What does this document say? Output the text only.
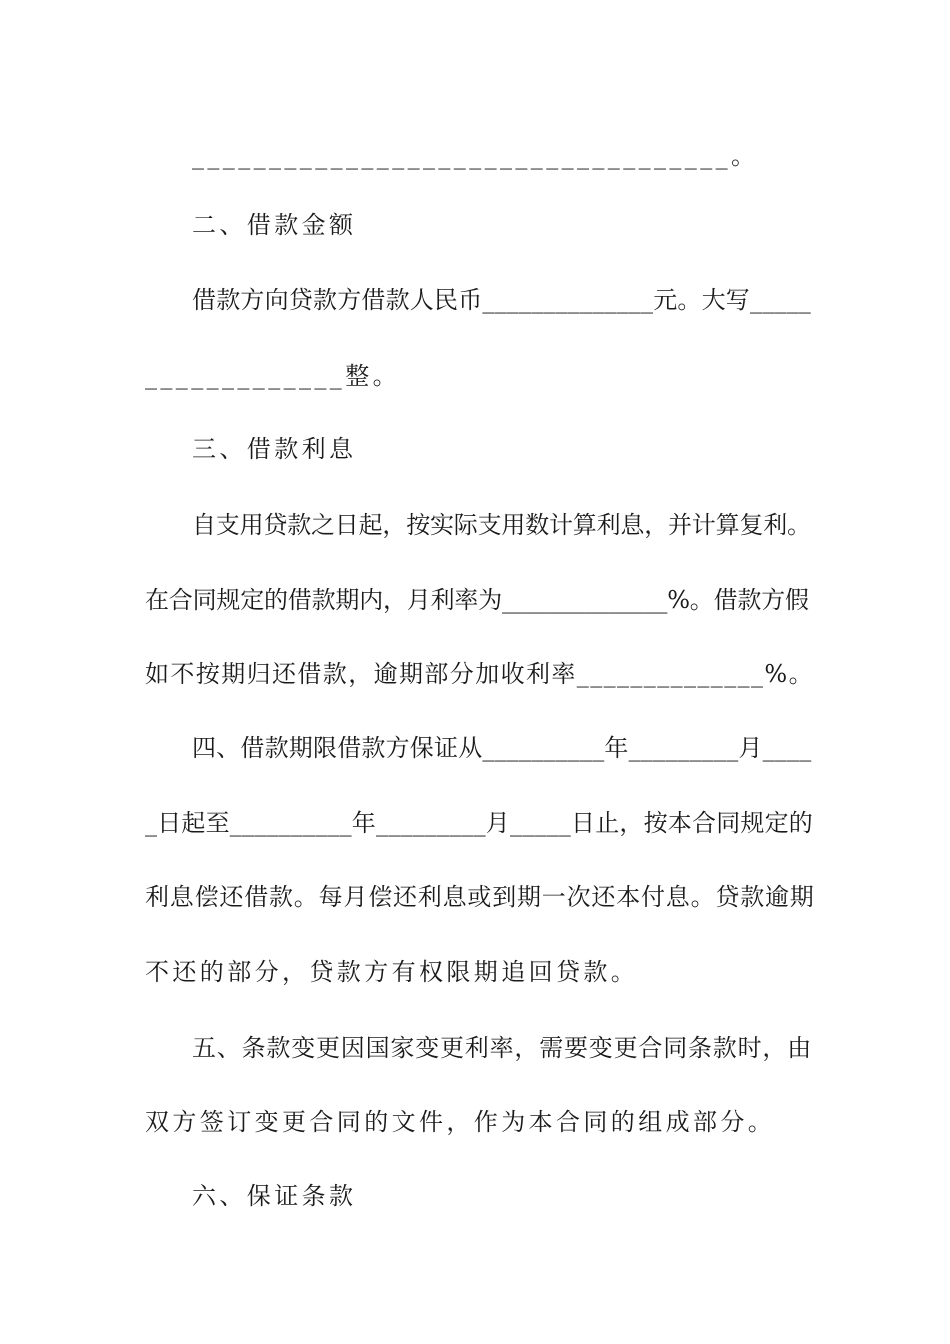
___________________________________。
二、借款金额
借款方向贷款方借款人民币______________元。大写_____
_____________整。
三、借款利息
自支用贷款之日起，按实际支用数计算利息，并计算复利。
在合同规定的借款期内，月利率为______________%。借款方假
如不按期归还借款，逾期部分加收利率______________%。
四、借款期限借款方保证从__________年_________月____
_日起至__________年_________月_____日止，按本合同规定的
利息偿还借款。每月偿还利息或到期一次还本付息。贷款逾期
不还的部分，贷款方有权限期追回贷款。
五、条款变更因国家变更利率，需要变更合同条款时，由
双方签订变更合同的文件，作为本合同的组成部分。
六、保证条款
